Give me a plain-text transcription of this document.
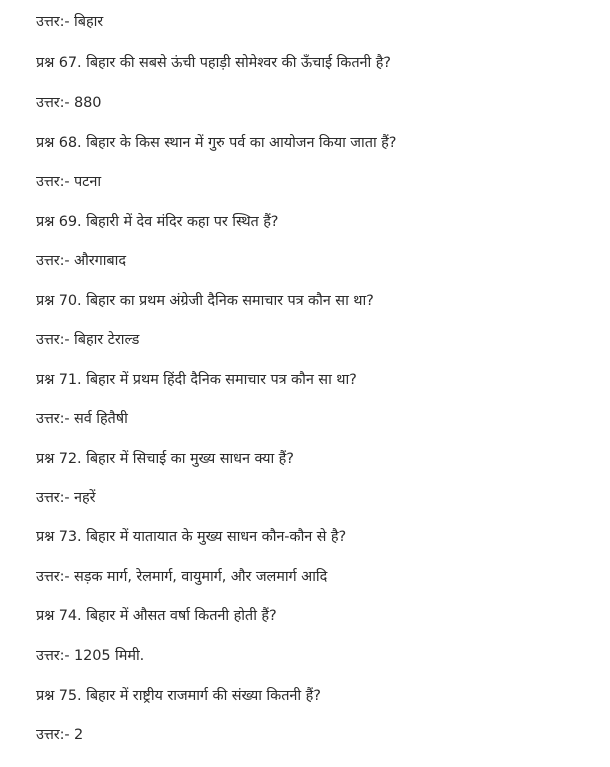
उत्तर:- बिहार
प्रश्न 67. बिहार की सबसे ऊंची पहाड़ी सोमेश्वर की ऊँचाई कितनी है?
उत्तर:- 880
प्रश्न 68. बिहार के किस स्थान में गुरु पर्व का आयोजन किया जाता हैं?
उत्तर:- पटना
प्रश्न 69. बिहारी में देव मंदिर कहा पर स्थित हैं?
उत्तर:- औरगाबाद
प्रश्न 70. बिहार का प्रथम अंग्रेजी दैनिक समाचार पत्र कौन सा था?
उत्तर:- बिहार टेराल्ड
प्रश्न 71. बिहार में प्रथम हिंदी दैनिक समाचार पत्र कौन सा था?
उत्तर:- सर्व हितैषी
प्रश्न 72. बिहार में सिचाई का मुख्य साधन क्या हैं?
उत्तर:- नहरें
प्रश्न 73. बिहार में यातायात के मुख्य साधन कौन-कौन से है?
उत्तर:- सड़क मार्ग, रेलमार्ग, वायुमार्ग, और जलमार्ग आदि
प्रश्न 74. बिहार में औसत वर्षा कितनी होती हैं?
उत्तर:- 1205 मिमी.
प्रश्न 75. बिहार में राष्ट्रीय राजमार्ग की संख्या कितनी हैं?
उत्तर:- 2
